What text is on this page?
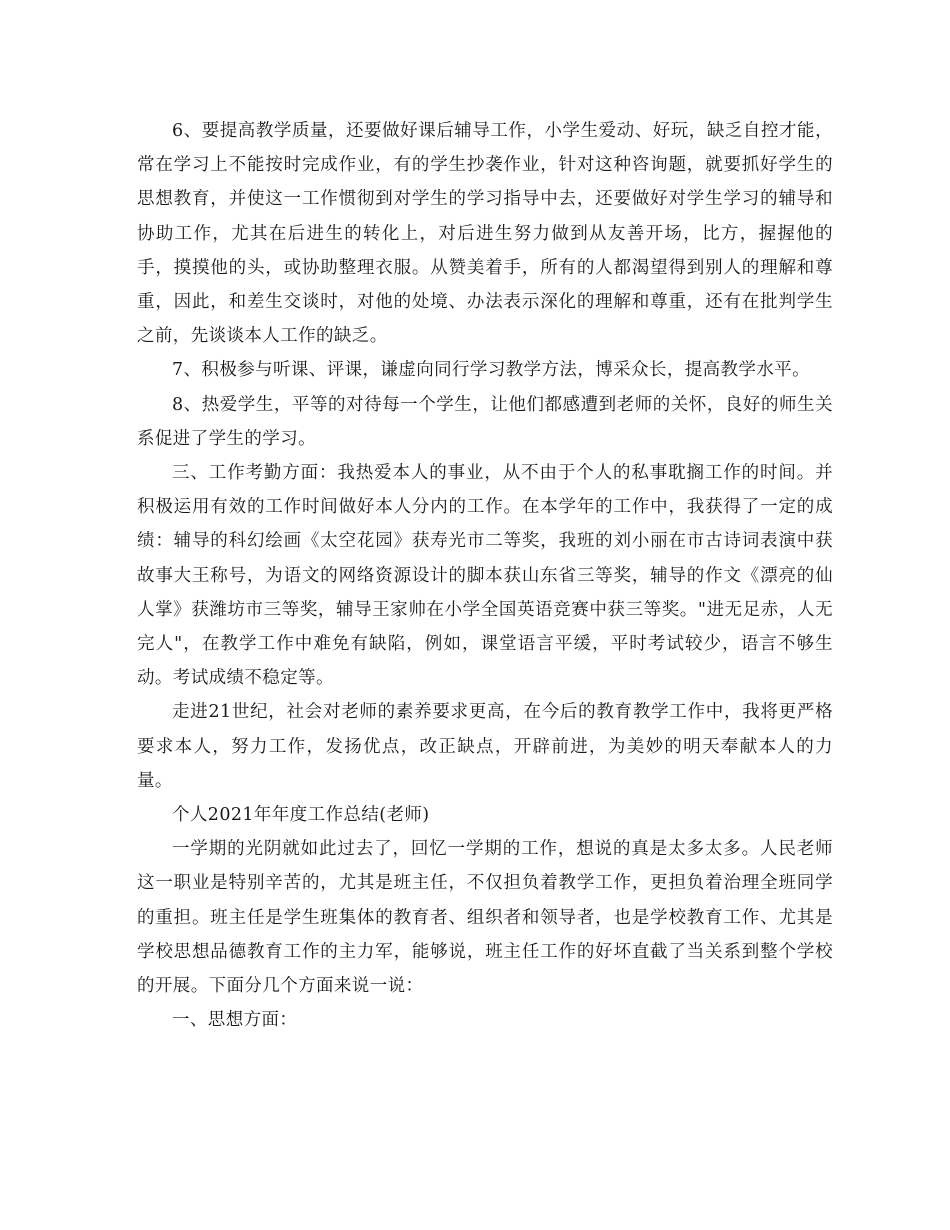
6、要提高教学质量，还要做好课后辅导工作，小学生爱动、好玩，缺乏自控才能，常在学习上不能按时完成作业，有的学生抄袭作业，针对这种咨询题，就要抓好学生的思想教育，并使这一工作惯彻到对学生的学习指导中去，还要做好对学生学习的辅导和协助工作，尤其在后进生的转化上，对后进生努力做到从友善开场，比方，握握他的手，摸摸他的头，或协助整理衣服。从赞美着手，所有的人都渴望得到别人的理解和尊重，因此，和差生交谈时，对他的处境、办法表示深化的理解和尊重，还有在批判学生之前，先谈谈本人工作的缺乏。

7、积极参与听课、评课，谦虚向同行学习教学方法，博采众长，提高教学水平。

8、热爱学生，平等的对待每一个学生，让他们都感遭到老师的关怀，良好的师生关系促进了学生的学习。

三、工作考勤方面：我热爱本人的事业，从不由于个人的私事耽搁工作的时间。并积极运用有效的工作时间做好本人分内的工作。在本学年的工作中，我获得了一定的成绩：辅导的科幻绘画《太空花园》获寿光市二等奖，我班的刘小丽在市古诗词表演中获故事大王称号，为语文的网络资源设计的脚本获山东省三等奖，辅导的作文《漂亮的仙人掌》获潍坊市三等奖，辅导王家帅在小学全国英语竞赛中获三等奖。"进无足赤，人无完人"，在教学工作中难免有缺陷，例如，课堂语言平缓，平时考试较少，语言不够生动。考试成绩不稳定等。

走进21世纪，社会对老师的素养要求更高，在今后的教育教学工作中，我将更严格要求本人，努力工作，发扬优点，改正缺点，开辟前进，为美妙的明天奉献本人的力量。

个人2021年年度工作总结(老师)

一学期的光阴就如此过去了，回忆一学期的工作，想说的真是太多太多。人民老师这一职业是特别辛苦的，尤其是班主任，不仅担负着教学工作，更担负着治理全班同学的重担。班主任是学生班集体的教育者、组织者和领导者，也是学校教育工作、尤其是学校思想品德教育工作的主力军，能够说，班主任工作的好坏直截了当关系到整个学校的开展。下面分几个方面来说一说：

一、思想方面：
